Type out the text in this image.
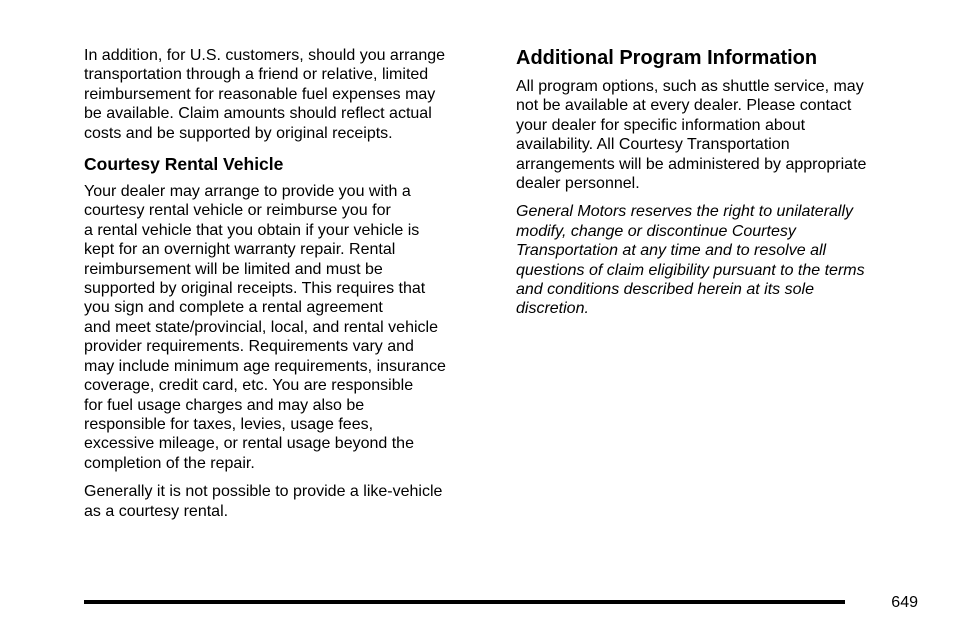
In addition, for U.S. customers, should you arrange
transportation through a friend or relative, limited
reimbursement for reasonable fuel expenses may
be available. Claim amounts should reflect actual
costs and be supported by original receipts.

Courtesy Rental Vehicle

Your dealer may arrange to provide you with a
courtesy rental vehicle or reimburse you for
a rental vehicle that you obtain if your vehicle is
kept for an overnight warranty repair. Rental
reimbursement will be limited and must be
supported by original receipts. This requires that
you sign and complete a rental agreement
and meet state/provincial, local, and rental vehicle
provider requirements. Requirements vary and
may include minimum age requirements, insurance
coverage, credit card, etc. You are responsible
for fuel usage charges and may also be
responsible for taxes, levies, usage fees,
excessive mileage, or rental usage beyond the
completion of the repair.

Generally it is not possible to provide a like-vehicle
as a courtesy rental.

Additional Program Information

All program options, such as shuttle service, may
not be available at every dealer. Please contact
your dealer for specific information about
availability. All Courtesy Transportation
arrangements will be administered by appropriate
dealer personnel.

General Motors reserves the right to unilaterally
modify, change or discontinue Courtesy
Transportation at any time and to resolve all
questions of claim eligibility pursuant to the terms
and conditions described herein at its sole
discretion.

649
